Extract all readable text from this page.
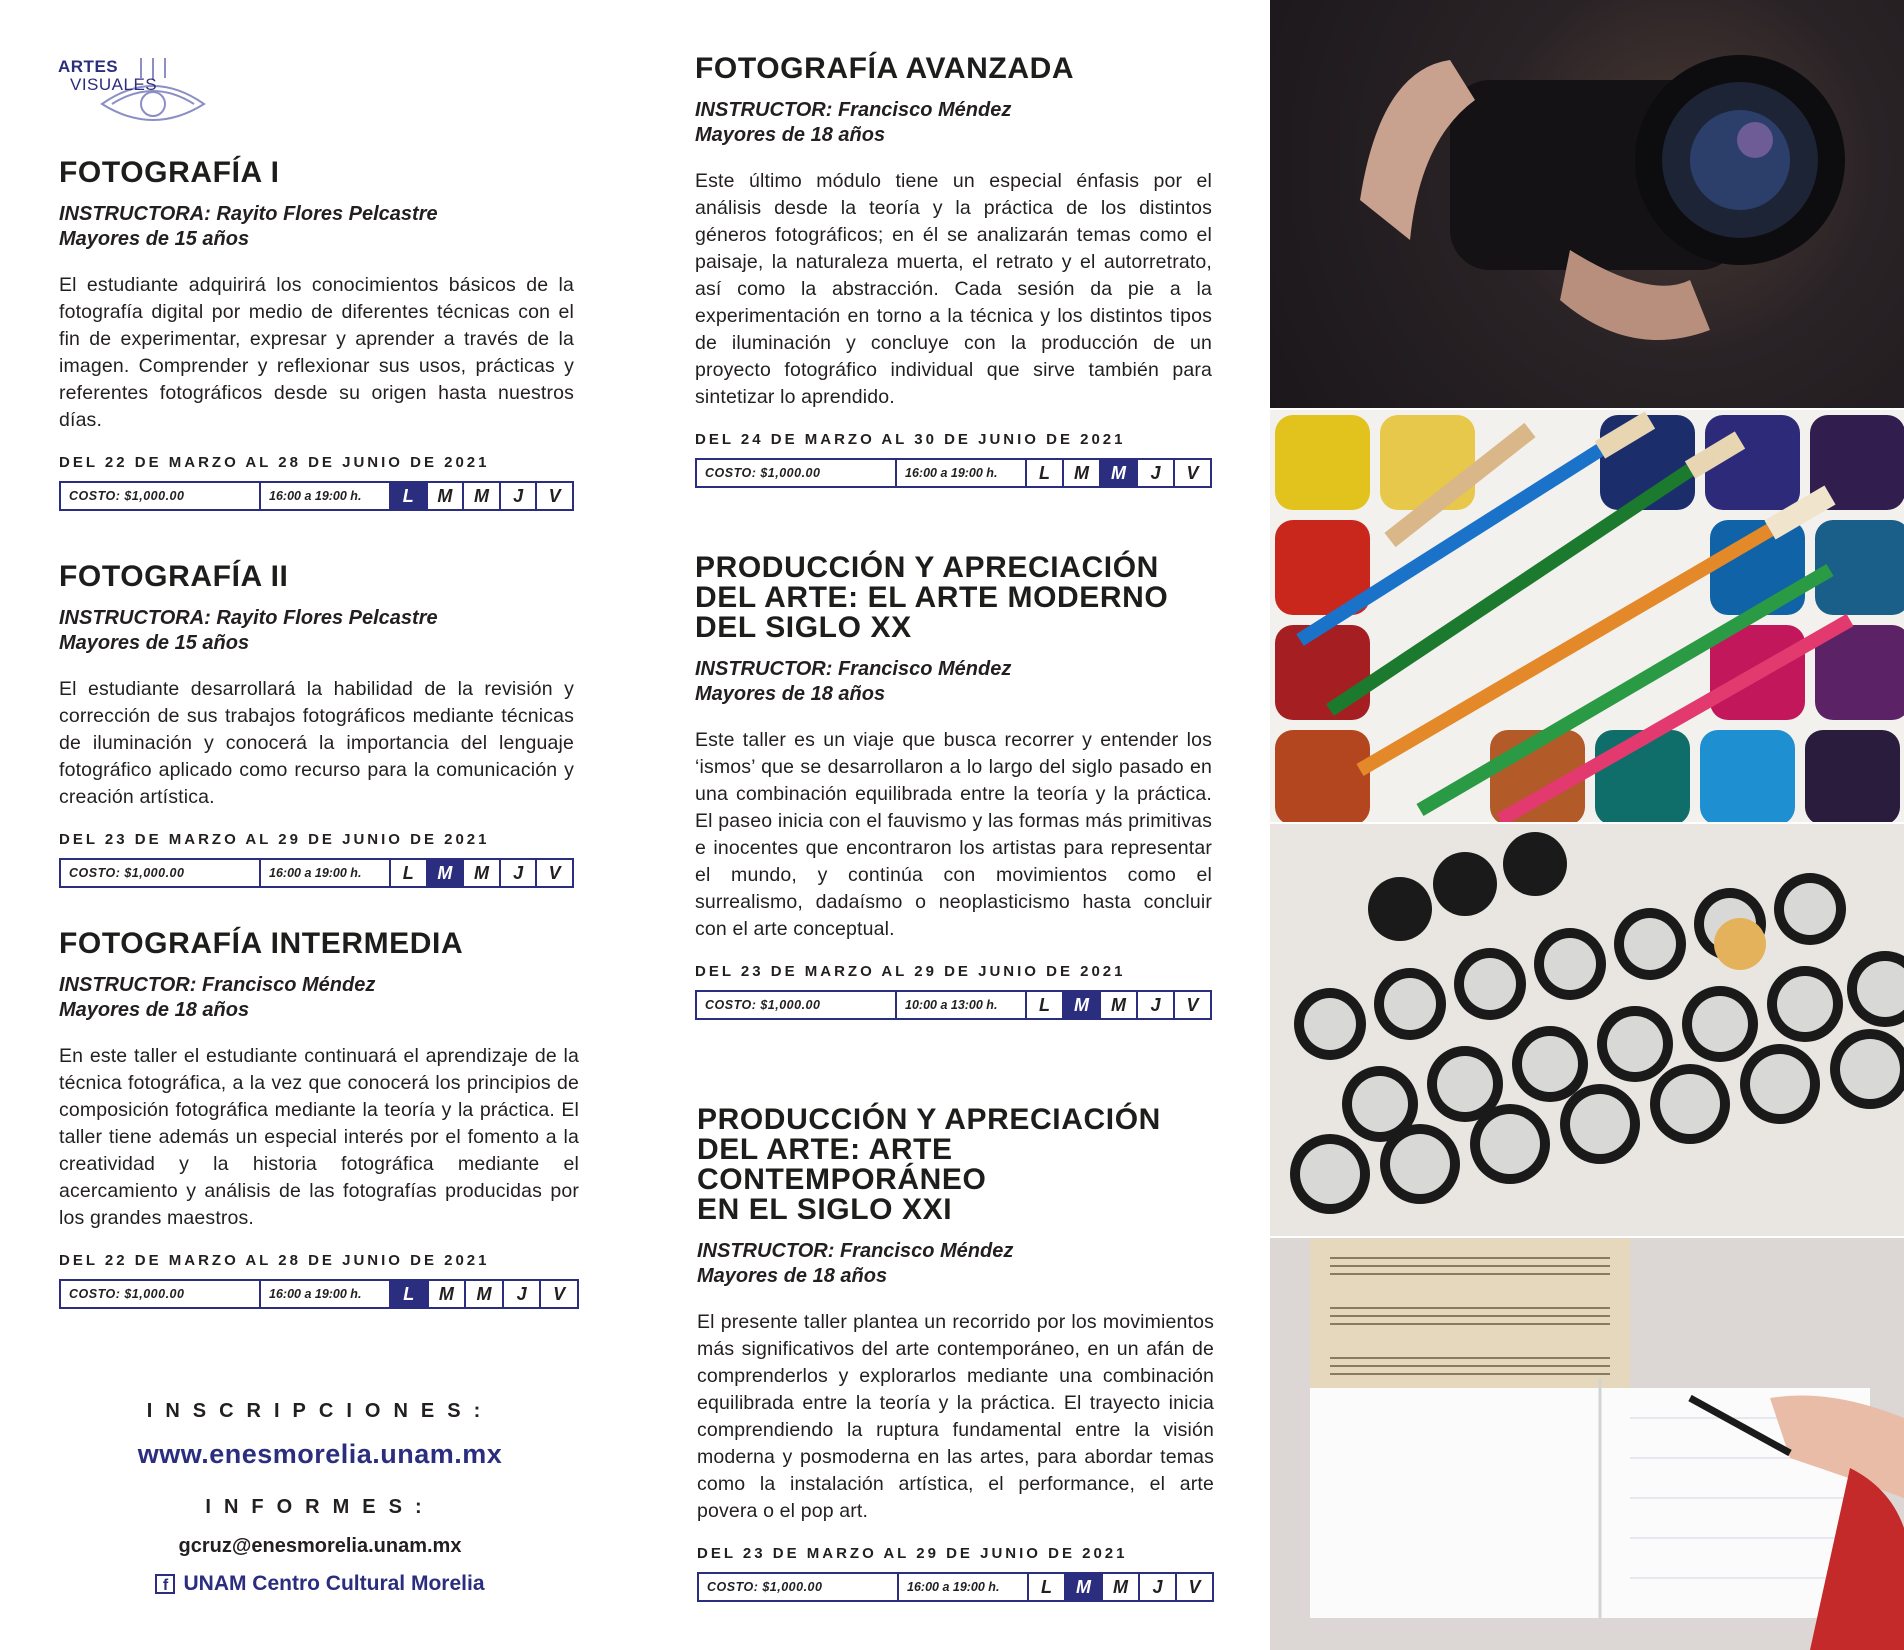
ARTES
VISUALES
FOTOGRAFÍA I
INSTRUCTORA: Rayito Flores Pelcastre
Mayores de 15 años
El estudiante adquirirá los conocimientos básicos de la fotografía digital por medio de diferentes técnicas con el fin de experimentar, expresar y aprender a través de la imagen. Comprender y reflexionar sus usos, prácticas y referentes fotográficos desde su origen hasta nuestros días.
DEL 22 DE MARZO AL 28 DE JUNIO DE 2021
COSTO: $1,000.00	16:00 a 19:00 h.	L	M	M	J	V
FOTOGRAFÍA II
INSTRUCTORA: Rayito Flores Pelcastre
Mayores de 15 años
El estudiante desarrollará la habilidad de la revisión y corrección de sus trabajos fotográficos mediante técnicas de iluminación y conocerá la importancia del lenguaje fotográfico aplicado como recurso para la comunicación y creación artística.
DEL 23 DE MARZO AL 29 DE JUNIO DE 2021
COSTO: $1,000.00	16:00 a 19:00 h.	L	M	M	J	V
FOTOGRAFÍA INTERMEDIA
INSTRUCTOR: Francisco Méndez
Mayores de 18 años
En este taller el estudiante continuará el aprendizaje de la técnica fotográfica, a la vez que conocerá los principios de composición fotográfica mediante la teoría y la práctica. El taller tiene además un especial interés por el fomento a la creatividad y la historia fotográfica mediante el acercamiento y análisis de las fotografías producidas por los grandes maestros.
DEL 22 DE MARZO AL 28 DE JUNIO DE 2021
COSTO: $1,000.00	16:00 a 19:00 h.	L	M	M	J	V
FOTOGRAFÍA AVANZADA
INSTRUCTOR: Francisco Méndez
Mayores de 18 años
Este último módulo tiene un especial énfasis por el análisis desde la teoría y la práctica de los distintos géneros fotográficos; en él se analizarán temas como el paisaje, la naturaleza muerta, el retrato y el autorretrato, así como la abstracción. Cada sesión da pie a la experimentación en torno a la técnica y los distintos tipos de iluminación y concluye con la producción de un proyecto fotográfico individual que sirve también para sintetizar lo aprendido.
DEL 24 DE MARZO AL 30 DE JUNIO DE 2021
COSTO: $1,000.00	16:00 a 19:00 h.	L	M	M	J	V
PRODUCCIÓN Y APRECIACIÓN
DEL ARTE: EL ARTE MODERNO
DEL SIGLO XX
INSTRUCTOR: Francisco Méndez
Mayores de 18 años
Este taller es un viaje que busca recorrer y entender los ‘ismos’ que se desarrollaron a lo largo del siglo pasado en una combinación equilibrada entre la teoría y la práctica. El paseo inicia con el fauvismo y las formas más primitivas e inocentes que encontraron los artistas para representar el mundo, y continúa con movimientos como el surrealismo, dadaísmo o neoplasticismo hasta concluir con el arte conceptual.
DEL 23 DE MARZO AL 29 DE JUNIO DE 2021
COSTO: $1,000.00	10:00 a 13:00 h.	L	M	M	J	V
PRODUCCIÓN Y APRECIACIÓN
DEL ARTE: ARTE CONTEMPORÁNEO
EN EL SIGLO XXI
INSTRUCTOR: Francisco Méndez
Mayores de 18 años
El presente taller plantea un recorrido por los movimientos más significativos del arte contemporáneo, en un afán de comprenderlos y explorarlos mediante una combinación equilibrada entre la teoría y la práctica. El trayecto inicia comprendiendo la ruptura fundamental entre la visión moderna y posmoderna en las artes, para abordar temas como la instalación artística, el performance, el arte povera o el pop art.
DEL 23 DE MARZO AL 29 DE JUNIO DE 2021
COSTO: $1,000.00	16:00 a 19:00 h.	L	M	M	J	V
INSCRIPCIONES:
www.enesmorelia.unam.mx
INFORMES:
gcruz@enesmorelia.unam.mx
f UNAM Centro Cultural Morelia
